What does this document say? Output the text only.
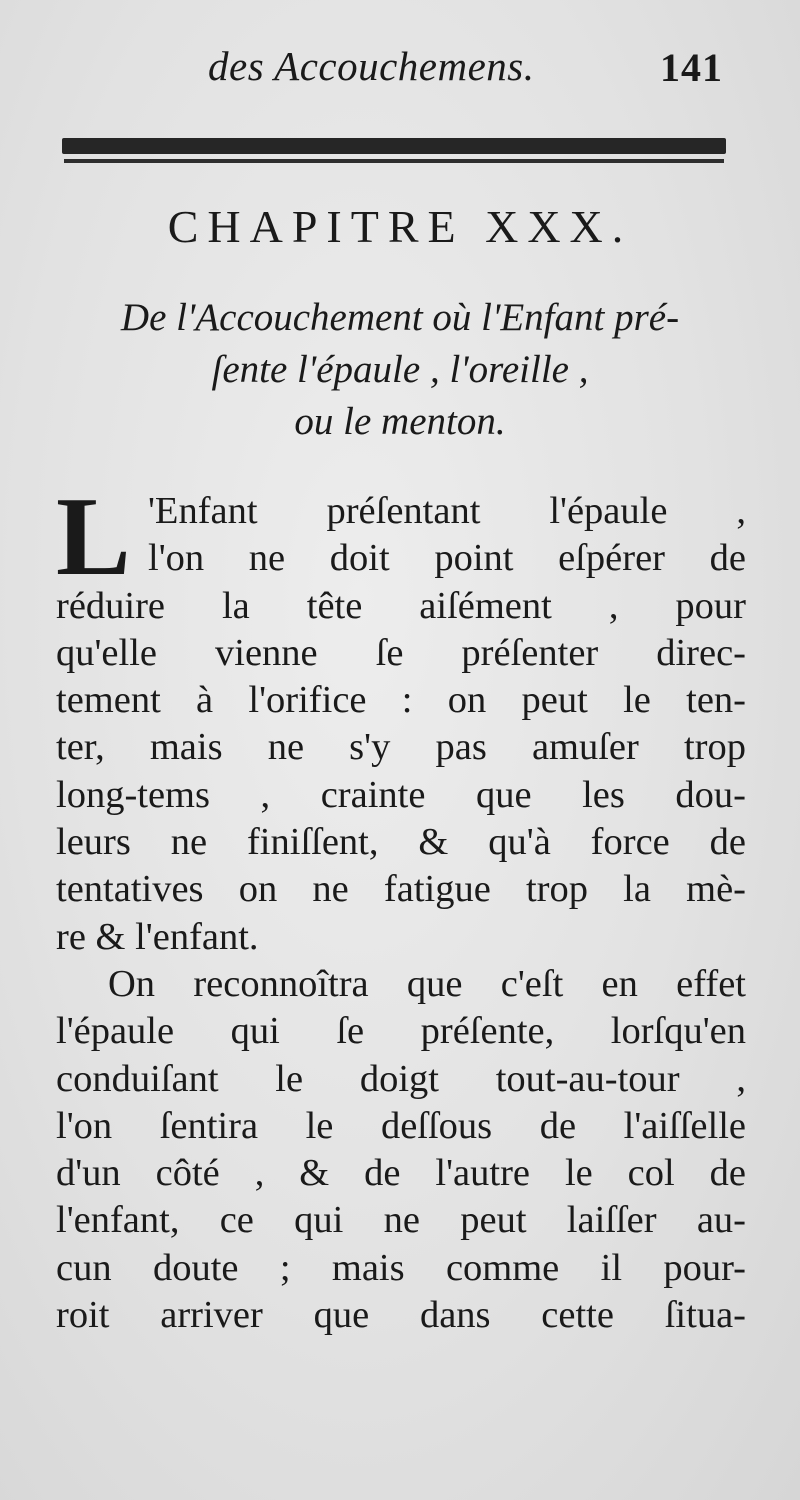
des Accouchemens.	141
CHAPITRE XXX.
De l'Accouchement où l'Enfant pré-
ſente l'épaule , l'oreille ,
ou le menton.
L 'Enfant préſentant l'épaule ,
l'on ne doit point eſpérer de
réduire la tête aiſément , pour
qu'elle vienne ſe préſenter direc-
tement à l'orifice : on peut le ten-
ter, mais ne s'y pas amuſer trop
long-tems , crainte que les dou-
leurs ne finiſſent, & qu'à force de
tentatives on ne fatigue trop la mè-
re & l'enfant.
On reconnoîtra que c'eſt en effet
l'épaule qui ſe préſente, lorſqu'en
conduiſant le doigt tout-au-tour ,
l'on ſentira le deſſous de l'aiſſelle
d'un côté , & de l'autre le col de
l'enfant, ce qui ne peut laiſſer au-
cun doute ; mais comme il pour-
roit arriver que dans cette ſitua-
